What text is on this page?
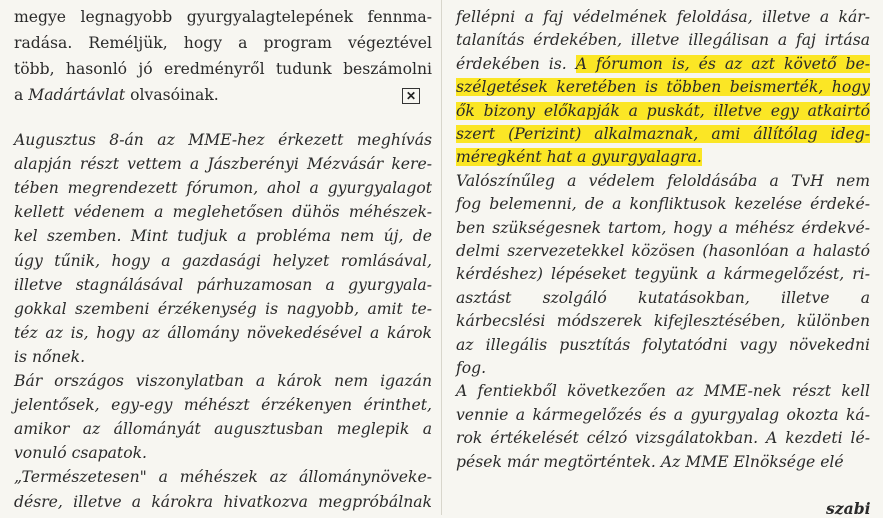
megye legnagyobb gyurgyalagtelepének fennma-
radása. Reméljük, hogy a program végeztével
több, hasonló jó eredményről tudunk beszámolni
a Madártávlat olvasóinak.	✕
Augusztus 8-án az MME-hez érkezett meghívás
alapján részt vettem a Jászberényi Mézvásár kere-
tében megrendezett fórumon, ahol a gyurgyalagot
kellett védenem a meglehetősen dühös méhészek-
kel szemben. Mint tudjuk a probléma nem új, de
úgy tűnik, hogy a gazdasági helyzet romlásával,
illetve stagnálásával párhuzamosan a gyurgyala-
gokkal szembeni érzékenység is nagyobb, amit te-
téz az is, hogy az állomány növekedésével a károk
is nőnek.
Bár országos viszonylatban a károk nem igazán
jelentősek, egy-egy méhészt érzékenyen érinthet,
amikor az állományát augusztusban meglepik a
vonuló csapatok.
„Természetesen" a méhészek az állománynöveke-
désre, illetve a károkra hivatkozva megpróbálnak
fellépni a faj védelmének feloldása, illetve a kár-
talanítás érdekében, illetve illegálisan a faj irtása
érdekében is. A fórumon is, és az azt követő be-
szélgetések keretében is többen beismerték, hogy
ők bizony előkapják a puskát, illetve egy atkairtó
szert (Perizint) alkalmaznak, ami állítólag ideg-
méregként hat a gyurgyalagra.
Valószínűleg a védelem feloldásába a TvH nem
fog belemenni, de a konfliktusok kezelése érdeké-
ben szükségesnek tartom, hogy a méhész érdekvé-
delmi szervezetekkel közösen (hasonlóan a halastó
kérdéshez) lépéseket tegyünk a kármegelőzést, ri-
asztást szolgáló kutatásokban, illetve a
kárbecslési módszerek kifejlesztésében, különben
az illegális pusztítás folytatódni vagy növekedni
fog.
A fentiekből következően az MME-nek részt kell
vennie a kármegelőzés és a gyurgyalag okozta ká-
rok értékelését célzó vizsgálatokban. A kezdeti lé-
pések már megtörténtek. Az MME Elnöksége elé
szabi
